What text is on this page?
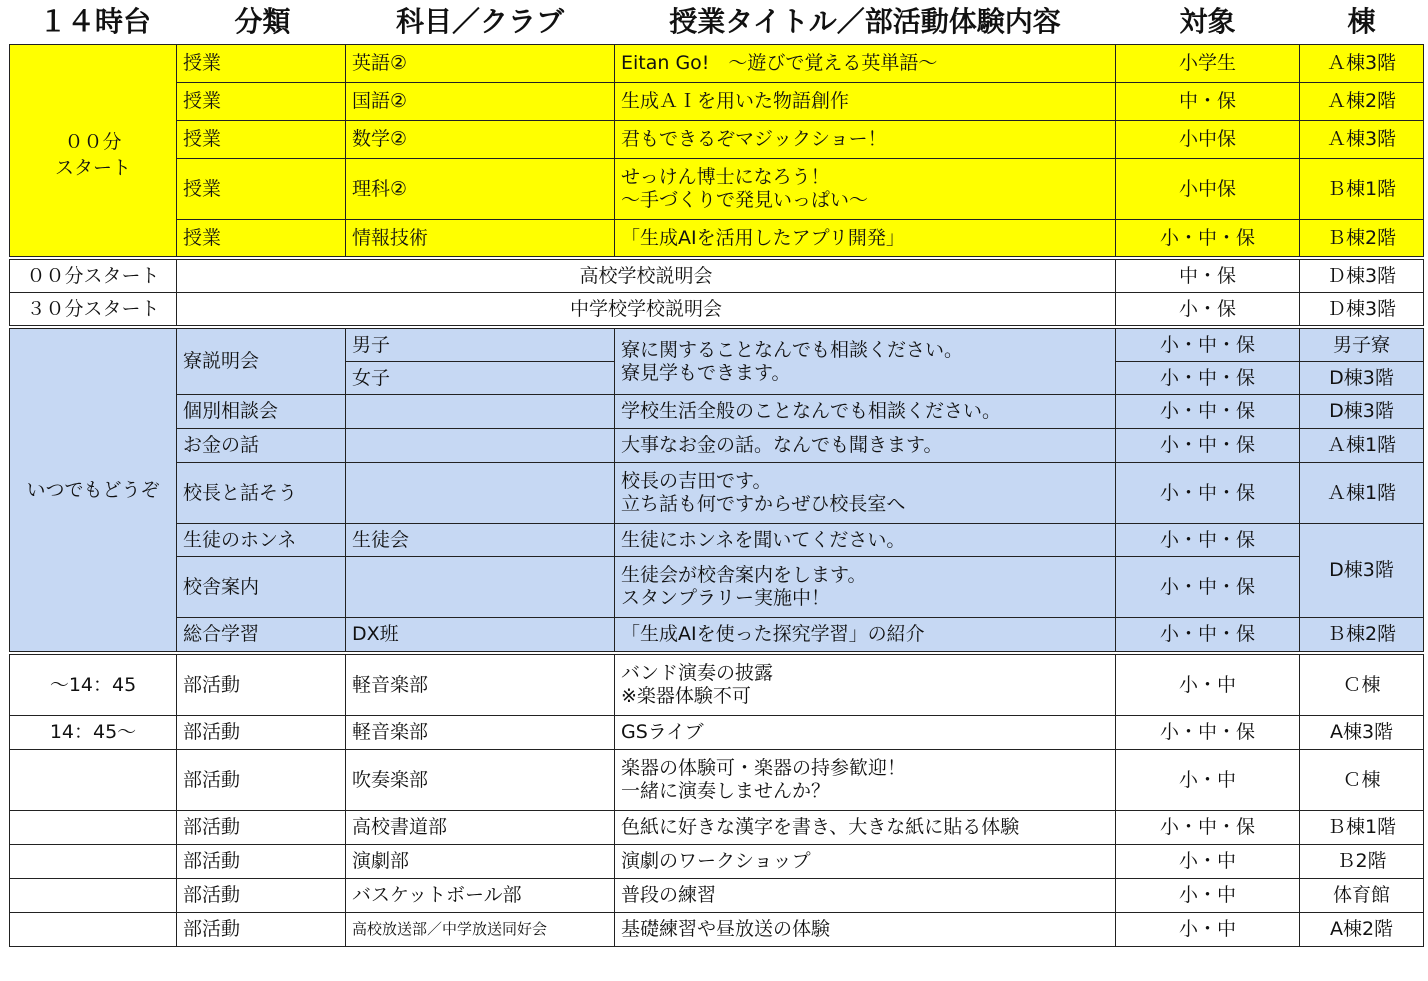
１４時台	分類	科目／クラブ	授業タイトル／部活動体験内容	対象	棟
００分
スタート	授業	英語②	Eitan Go!　～遊びで覚える英単語～	小学生	Ａ棟3階
	授業	国語②	生成ＡＩを用いた物語創作	中・保	Ａ棟2階
	授業	数学②	君もできるぞマジックショー！	小中保	Ａ棟3階
	授業	理科②	せっけん博士になろう！
～手づくりで発見いっぱい～	小中保	Ｂ棟1階
	授業	情報技術	「生成AIを活用したアプリ開発」	小・中・保	Ｂ棟2階

００分スタート	高校学校説明会			中・保	Ｄ棟3階
３０分スタート	中学校学校説明会			小・保	Ｄ棟3階

いつでもどうぞ	寮説明会	男子	寮に関することなんでも相談ください。
寮見学もできます。	小・中・保	男子寮
		女子		小・中・保	D棟3階
	個別相談会		学校生活全般のことなんでも相談ください。	小・中・保	D棟3階
	お金の話		大事なお金の話。なんでも聞きます。	小・中・保	Ａ棟1階
	校長と話そう		校長の吉田です。
立ち話も何ですからぜひ校長室へ	小・中・保	Ａ棟1階
	生徒のホンネ	生徒会	生徒にホンネを聞いてください。	小・中・保	D棟3階
	校舎案内		生徒会が校舎案内をします。
スタンプラリー実施中！	小・中・保	
	総合学習	DX班	「生成AIを使った探究学習」の紹介	小・中・保	Ｂ棟2階

～14：45	部活動	軽音楽部	バンド演奏の披露
※楽器体験不可	小・中	Ｃ棟
14：45～	部活動	軽音楽部	GSライブ	小・中・保	A棟3階
	部活動	吹奏楽部	楽器の体験可・楽器の持参歓迎！
一緒に演奏しませんか？	小・中	Ｃ棟
	部活動	高校書道部	色紙に好きな漢字を書き、大きな紙に貼る体験	小・中・保	Ｂ棟1階
	部活動	演劇部	演劇のワークショップ	小・中	Ｂ2階
	部活動	バスケットボール部	普段の練習	小・中	体育館
	部活動	高校放送部／中学放送同好会	基礎練習や昼放送の体験	小・中	A棟2階
